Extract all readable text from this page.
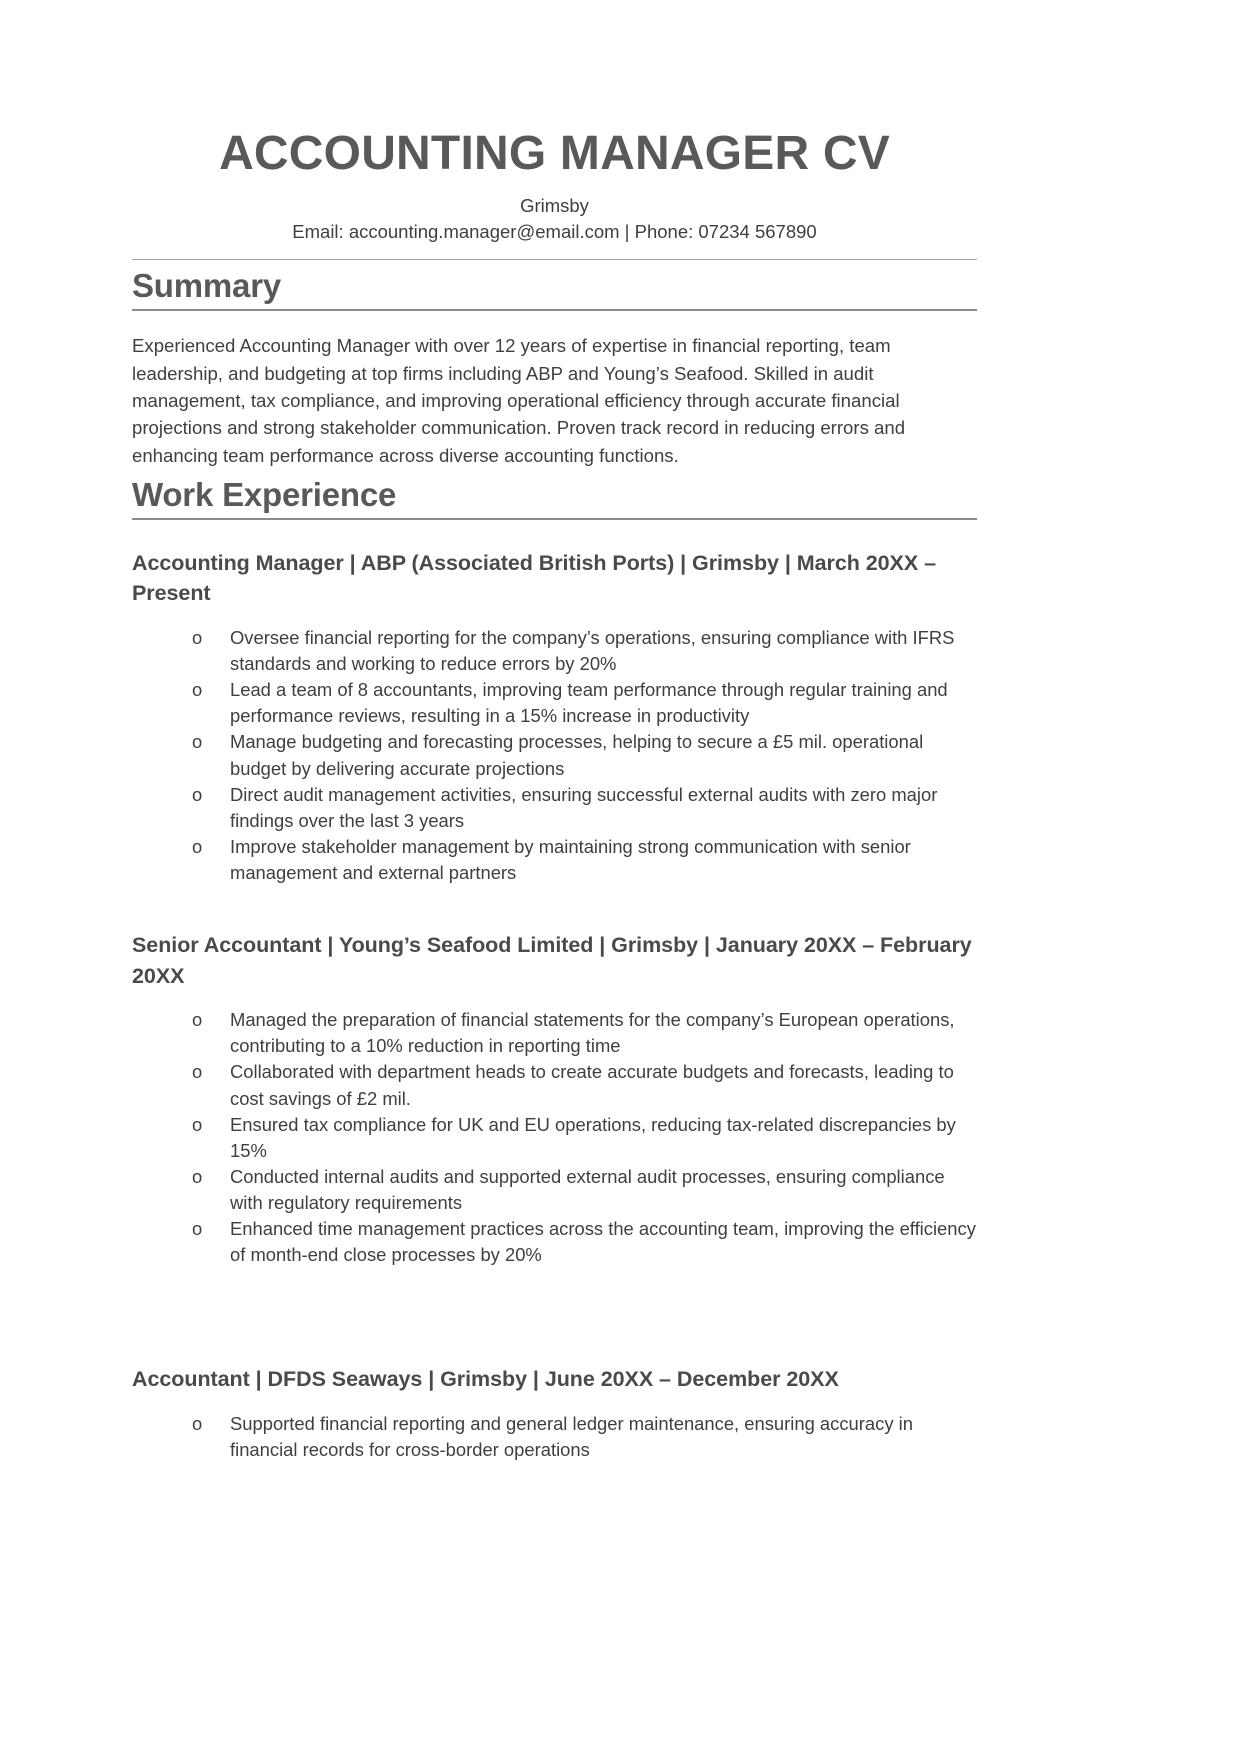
ACCOUNTING MANAGER CV
Grimsby
Email: accounting.manager@email.com | Phone: 07234 567890
Summary

Experienced Accounting Manager with over 12 years of expertise in financial reporting, team leadership, and budgeting at top firms including ABP and Young’s Seafood. Skilled in audit management, tax compliance, and improving operational efficiency through accurate financial projections and strong stakeholder communication. Proven track record in reducing errors and enhancing team performance across diverse accounting functions.

Work Experience
Accounting Manager | ABP (Associated British Ports) | Grimsby | March 20XX – Present
o Oversee financial reporting for the company’s operations, ensuring compliance with IFRS standards and working to reduce errors by 20%
o Lead a team of 8 accountants, improving team performance through regular training and performance reviews, resulting in a 15% increase in productivity
o Manage budgeting and forecasting processes, helping to secure a £5 mil. operational budget by delivering accurate projections
o Direct audit management activities, ensuring successful external audits with zero major findings over the last 3 years
o Improve stakeholder management by maintaining strong communication with senior management and external partners
Senior Accountant | Young’s Seafood Limited | Grimsby | January 20XX – February 20XX
o Managed the preparation of financial statements for the company’s European operations, contributing to a 10% reduction in reporting time
o Collaborated with department heads to create accurate budgets and forecasts, leading to cost savings of £2 mil.
o Ensured tax compliance for UK and EU operations, reducing tax-related discrepancies by 15%
o Conducted internal audits and supported external audit processes, ensuring compliance with regulatory requirements
o Enhanced time management practices across the accounting team, improving the efficiency of month-end close processes by 20%
Accountant | DFDS Seaways | Grimsby | June 20XX – December 20XX
o Supported financial reporting and general ledger maintenance, ensuring accuracy in financial records for cross-border operations
